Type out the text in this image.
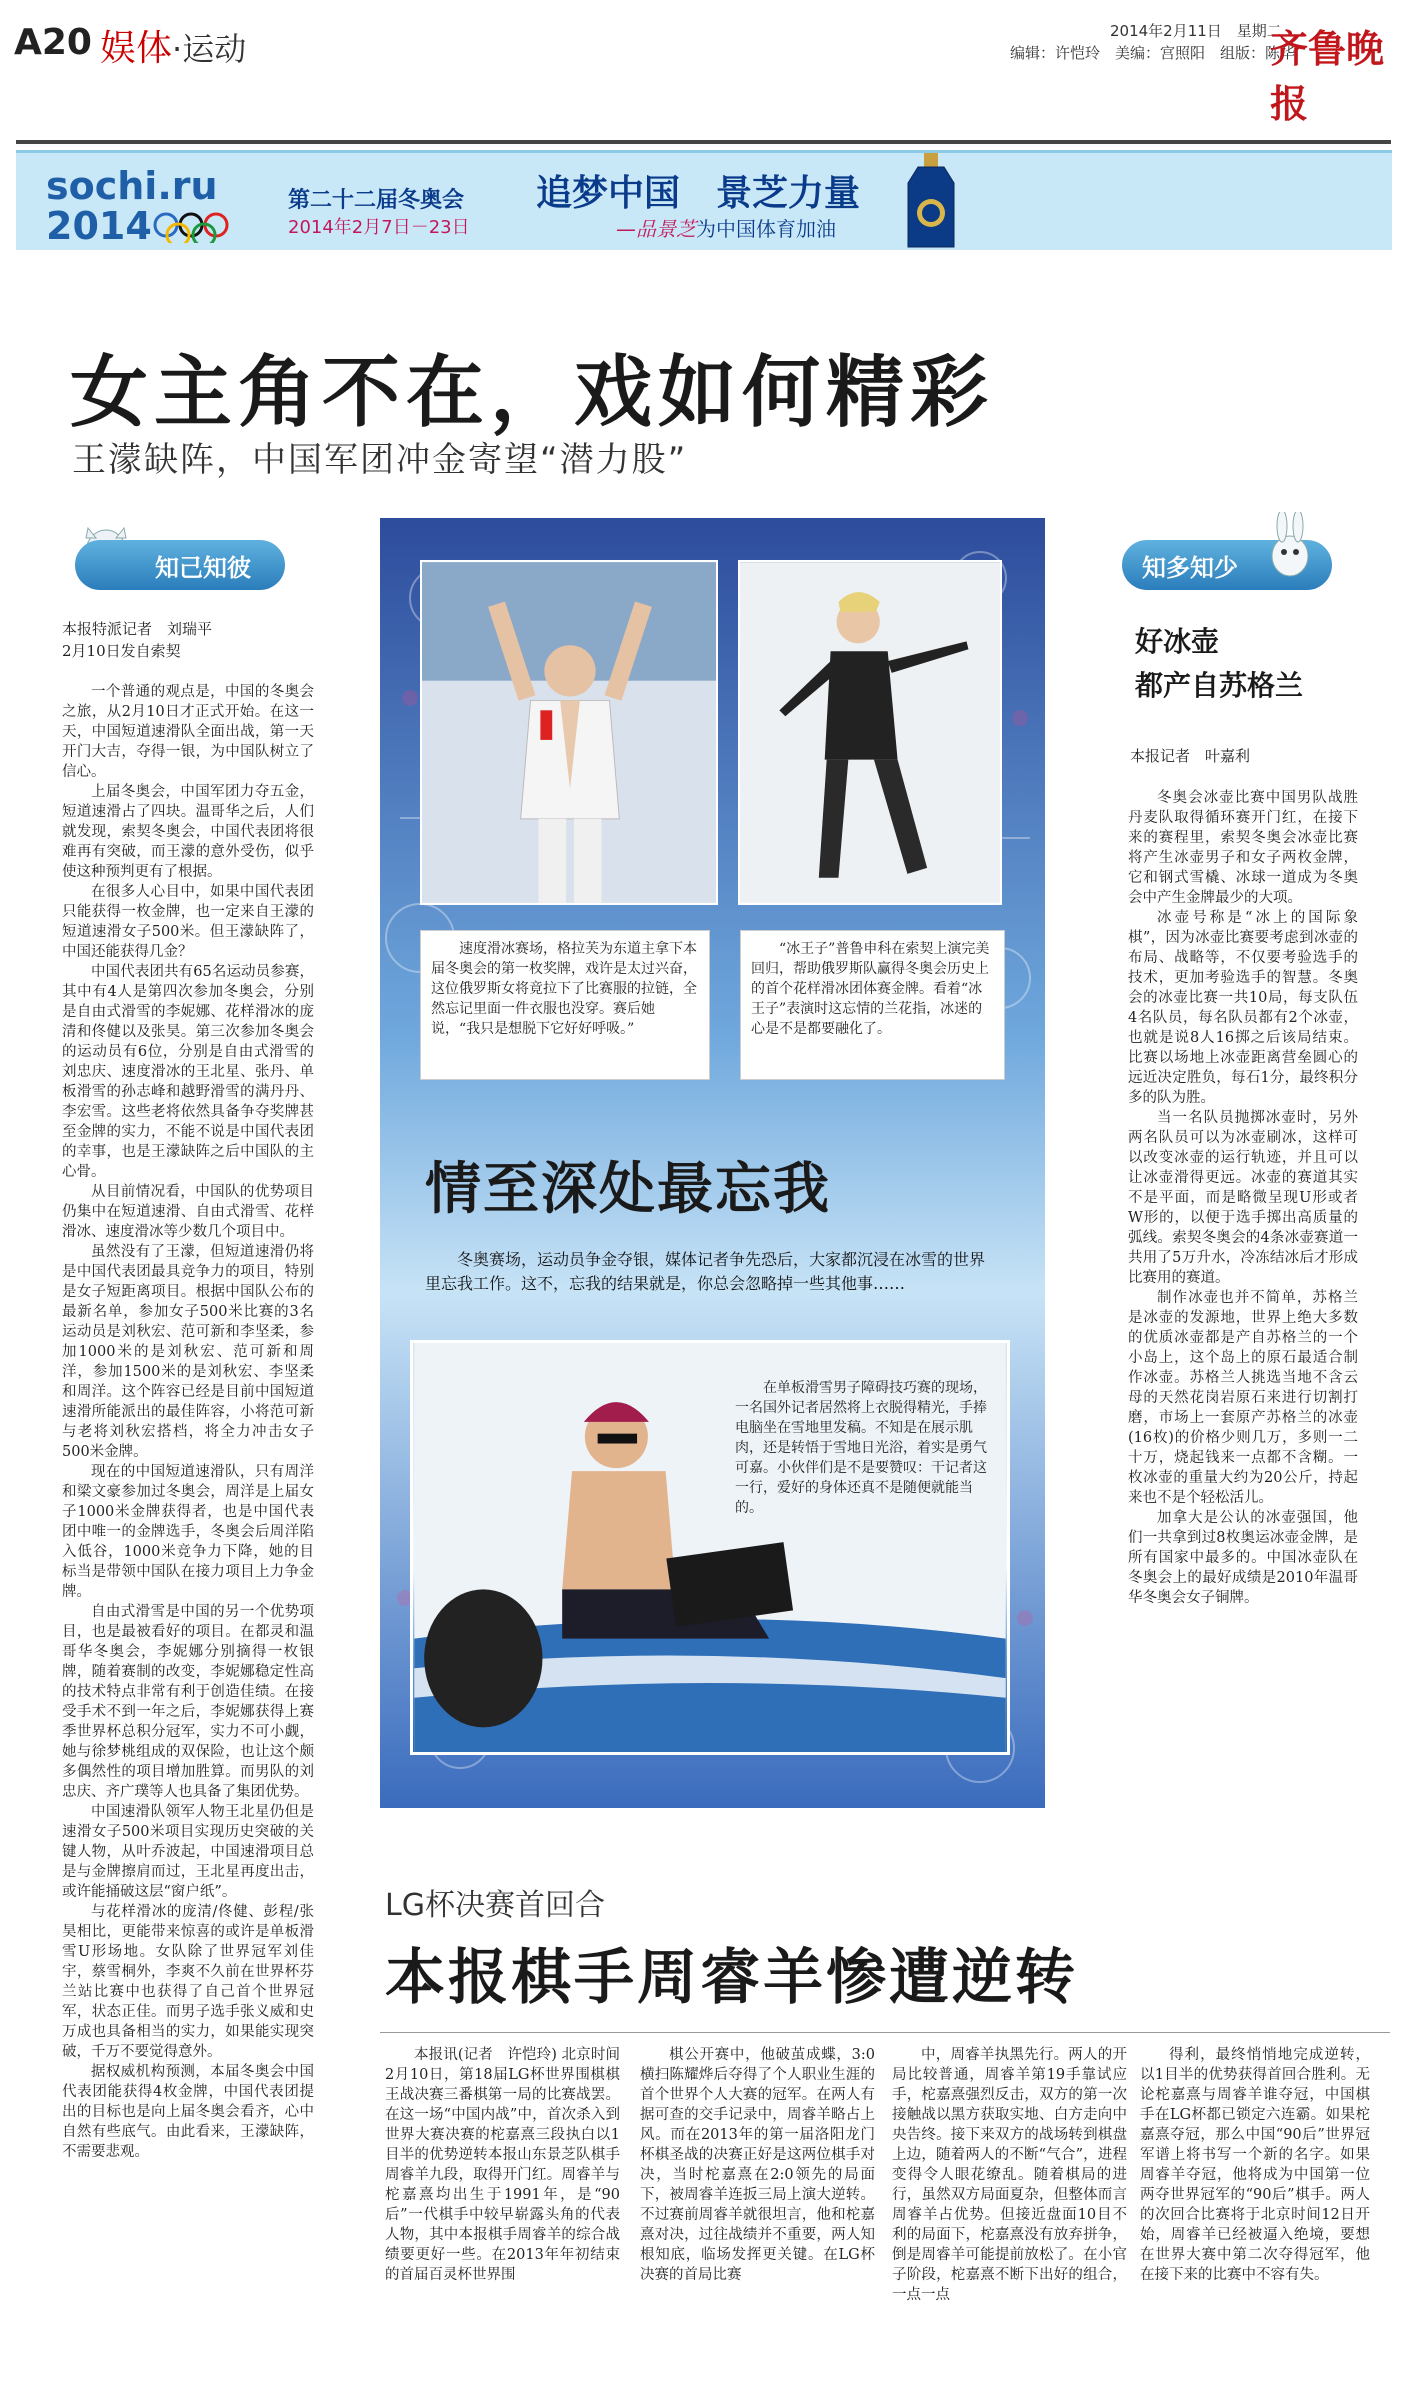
A20 娱体·运动	2014年2月11日　星期二
编辑：许恺玲　美编：宫照阳　组版：陈华
齐鲁晚报
sochi.ru
2014
第二十二届冬奥会
2014年2月7日－23日
追梦中国　景芝力量
—品景芝为中国体育加油
女主角不在，戏如何精彩
王濛缺阵，中国军团冲金寄望“潜力股”
知己知彼
本报特派记者　刘瑞平
2月10日发自索契

一个普通的观点是，中国的冬奥会之旅，从2月10日才正式开始。在这一天，中国短道速滑队全面出战，第一天开门大吉，夺得一银，为中国队树立了信心。

上届冬奥会，中国军团力夺五金，短道速滑占了四块。温哥华之后，人们就发现，索契冬奥会，中国代表团将很难再有突破，而王濛的意外受伤，似乎使这种预判更有了根据。

在很多人心目中，如果中国代表团只能获得一枚金牌，也一定来自王濛的短道速滑女子500米。但王濛缺阵了，中国还能获得几金？

中国代表团共有65名运动员参赛，其中有4人是第四次参加冬奥会，分别是自由式滑雪的李妮娜、花样滑冰的庞清和佟健以及张昊。第三次参加冬奥会的运动员有6位，分别是自由式滑雪的刘忠庆、速度滑冰的王北星、张丹、单板滑雪的孙志峰和越野滑雪的满丹丹、李宏雪。这些老将依然具备争夺奖牌甚至金牌的实力，不能不说是中国代表团的幸事，也是王濛缺阵之后中国队的主心骨。

从目前情况看，中国队的优势项目仍集中在短道速滑、自由式滑雪、花样滑冰、速度滑冰等少数几个项目中。

虽然没有了王濛，但短道速滑仍将是中国代表团最具竞争力的项目，特别是女子短距离项目。根据中国队公布的最新名单，参加女子500米比赛的3名运动员是刘秋宏、范可新和李坚柔，参加1000米的是刘秋宏、范可新和周洋，参加1500米的是刘秋宏、李坚柔和周洋。这个阵容已经是目前中国短道速滑所能派出的最佳阵容，小将范可新与老将刘秋宏搭档，将全力冲击女子500米金牌。

现在的中国短道速滑队，只有周洋和梁文豪参加过冬奥会，周洋是上届女子1000米金牌获得者，也是中国代表团中唯一的金牌选手，冬奥会后周洋陷入低谷，1000米竞争力下降，她的目标当是带领中国队在接力项目上力争金牌。

自由式滑雪是中国的另一个优势项目，也是最被看好的项目。在都灵和温哥华冬奥会，李妮娜分别摘得一枚银牌，随着赛制的改变，李妮娜稳定性高的技术特点非常有利于创造佳绩。在接受手术不到一年之后，李妮娜获得上赛季世界杯总积分冠军，实力不可小觑，她与徐梦桃组成的双保险，也让这个颇多偶然性的项目增加胜算。而男队的刘忠庆、齐广璞等人也具备了集团优势。

中国速滑队领军人物王北星仍但是速滑女子500米项目实现历史突破的关键人物，从叶乔波起，中国速滑项目总是与金牌擦肩而过，王北星再度出击，或许能捅破这层“窗户纸”。

与花样滑冰的庞清/佟健、彭程/张昊相比，更能带来惊喜的或许是单板滑雪U形场地。女队除了世界冠军刘佳宇，蔡雪桐外，李爽不久前在世界杯芬兰站比赛中也获得了自己首个世界冠军，状态正佳。而男子选手张义威和史万成也具备相当的实力，如果能实现突破，千万不要觉得意外。

据权威机构预测，本届冬奥会中国代表团能获得4枚金牌，中国代表团提出的目标也是向上届冬奥会看齐，心中自然有些底气。由此看来，王濛缺阵，不需要悲观。

速度滑冰赛场，格拉芙为东道主拿下本届冬奥会的第一枚奖牌，戏许是太过兴奋，这位俄罗斯女将竟拉下了比赛服的拉链，全然忘记里面一件衣服也没穿。赛后她说，“我只是想脱下它好好呼吸。”
“冰王子”普鲁申科在索契上演完美回归，帮助俄罗斯队赢得冬奥会历史上的首个花样滑冰团体赛金牌。看着“冰王子”表演时这忘情的兰花指，冰迷的心是不是都要融化了。
情至深处最忘我
冬奥赛场，运动员争金夺银，媒体记者争先恐后，大家都沉浸在冰雪的世界里忘我工作。这不，忘我的结果就是，你总会忽略掉一些其他事……
在单板滑雪男子障碍技巧赛的现场，一名国外记者居然将上衣脱得精光，手捧电脑坐在雪地里发稿。不知是在展示肌肉，还是转悟于雪地日光浴，着实是勇气可嘉。小伙伴们是不是要赞叹：干记者这一行，爱好的身体还真不是随便就能当的。
知多知少
好冰壶
都产自苏格兰
本报记者　叶嘉利

冬奥会冰壶比赛中国男队战胜丹麦队取得循环赛开门红，在接下来的赛程里，索契冬奥会冰壶比赛将产生冰壶男子和女子两枚金牌，它和钢式雪橇、冰球一道成为冬奥会中产生金牌最少的大项。

冰壶号称是“冰上的国际象棋”，因为冰壶比赛要考虑到冰壶的布局、战略等，不仅要考验选手的技术，更加考验选手的智慧。冬奥会的冰壶比赛一共10局，每支队伍4名队员，每名队员都有2个冰壶，也就是说8人16掷之后该局结束。比赛以场地上冰壶距离营垒圆心的远近决定胜负，每石1分，最终积分多的队为胜。

当一名队员抛掷冰壶时，另外两名队员可以为冰壶刷冰，这样可以改变冰壶的运行轨迹，并且可以让冰壶滑得更远。冰壶的赛道其实不是平面，而是略微呈现U形或者W形的，以便于选手掷出高质量的弧线。索契冬奥会的4条冰壶赛道一共用了5万升水，冷冻结冰后才形成比赛用的赛道。

制作冰壶也并不简单，苏格兰是冰壶的发源地，世界上绝大多数的优质冰壶都是产自苏格兰的一个小岛上，这个岛上的原石最适合制作冰壶。苏格兰人挑选当地不含云母的天然花岗岩原石来进行切割打磨，市场上一套原产苏格兰的冰壶(16枚)的价格少则几万，多则一二十万，烧起钱来一点都不含糊。一枚冰壶的重量大约为20公斤，持起来也不是个轻松活儿。

加拿大是公认的冰壶强国，他们一共拿到过8枚奥运冰壶金牌，是所有国家中最多的。中国冰壶队在冬奥会上的最好成绩是2010年温哥华冬奥会女子铜牌。

LG杯决赛首回合
本报棋手周睿羊惨遭逆转

本报讯(记者　许恺玲) 北京时间2月10日，第18届LG杯世界围棋棋王战决赛三番棋第一局的比赛战罢。在这一场“中国内战”中，首次杀入到世界大赛决赛的柁嘉熹三段执白以1目半的优势逆转本报山东景芝队棋手周睿羊九段，取得开门红。周睿羊与柁嘉熹均出生于1991年，是“90后”一代棋手中较早崭露头角的代表人物，其中本报棋手周睿羊的综合战绩要更好一些。在2013年年初结束的首届百灵杯世界围

棋公开赛中，他破茧成蝶，3:0横扫陈耀烨后夺得了个人职业生涯的首个世界个人大赛的冠军。在两人有据可查的交手记录中，周睿羊略占上风。而在2013年的第一届洛阳龙门杯棋圣战的决赛正好是这两位棋手对决，当时柁嘉熹在2:0领先的局面下，被周睿羊连扳三局上演大逆转。不过赛前周睿羊就很坦言，他和柁嘉熹对决，过往战绩并不重要，两人知根知底，临场发挥更关键。在LG杯决赛的首局比赛

中，周睿羊执黑先行。两人的开局比较普通，周睿羊第19手靠试应手，柁嘉熹强烈反击，双方的第一次接触战以黑方获取实地、白方走向中央告终。接下来双方的战场转到棋盘上边，随着两人的不断“气合”，进程变得令人眼花缭乱。随着棋局的进行，虽然双方局面夏杂，但整体而言周睿羊占优势。但接近盘面10目不利的局面下，柁嘉熹没有放弃拼争，倒是周睿羊可能提前放松了。在小官子阶段，柁嘉熹不断下出好的组合，一点一点

得利，最终悄悄地完成逆转，以1目半的优势获得首回合胜利。无论柁嘉熹与周睿羊谁夺冠，中国棋手在LG杯都已锁定六连霸。如果柁嘉熹夺冠，那么中国“90后”世界冠军谱上将书写一个新的名字。如果周睿羊夺冠，他将成为中国第一位两夺世界冠军的“90后”棋手。两人的次回合比赛将于北京时间12日开始，周睿羊已经被逼入绝境，要想在世界大赛中第二次夺得冠军，他在接下来的比赛中不容有失。
